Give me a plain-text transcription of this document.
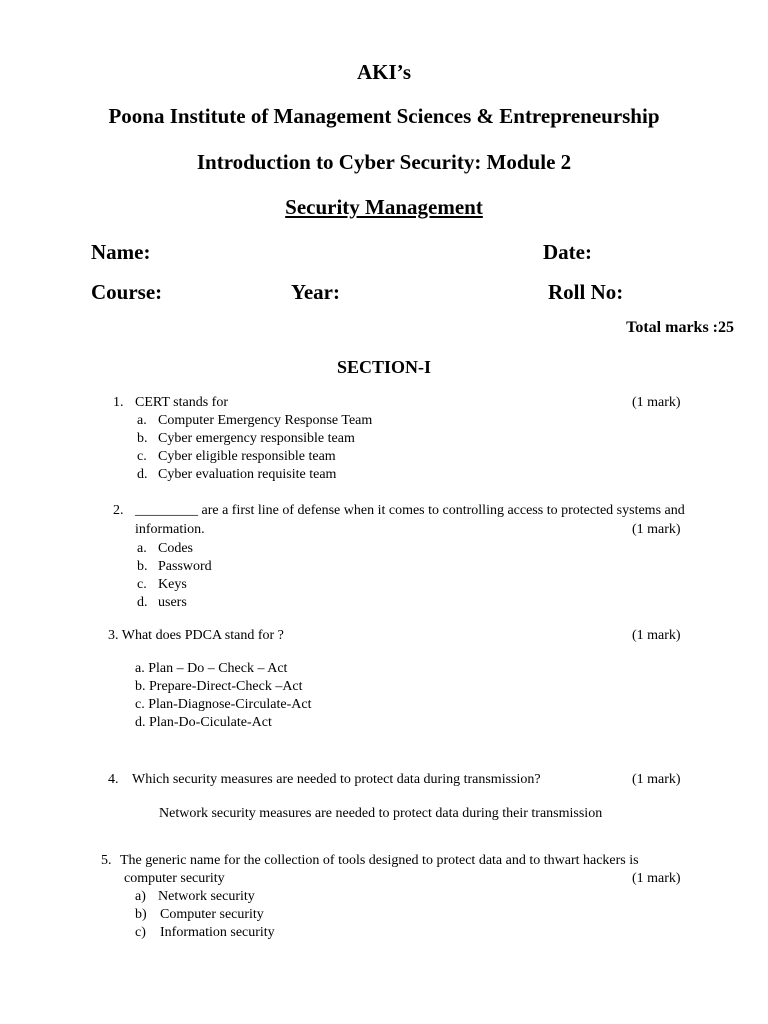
AKI’s
Poona Institute of Management Sciences & Entrepreneurship
Introduction to Cyber Security: Module 2
Security Management
Name:	Date:
Course:	Year:	Roll No:
Total marks :25
SECTION-I
1. CERT stands for	(1 mark)
a. Computer Emergency Response Team
b. Cyber emergency responsible team
c. Cyber eligible responsible team
d. Cyber evaluation requisite team
2. _________ are a first line of defense when it comes to controlling access to protected systems and
information.	(1 mark)
a. Codes
b. Password
c. Keys
d. users
3. What does PDCA stand for ?	(1 mark)
a. Plan – Do – Check – Act
b. Prepare-Direct-Check –Act
c. Plan-Diagnose-Circulate-Act
d. Plan-Do-Ciculate-Act
4. Which security measures are needed to protect data during transmission?	(1 mark)
Network security measures are needed to protect data during their transmission
5. The generic name for the collection of tools designed to protect data and to thwart hackers is
computer security	(1 mark)
a) Network security
b) Computer security
c) Information security
